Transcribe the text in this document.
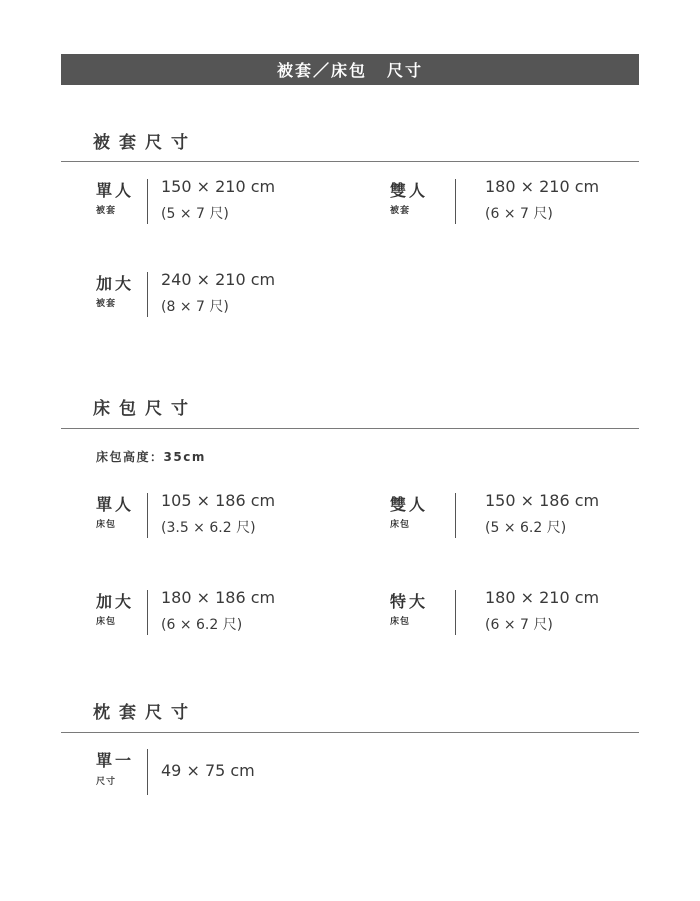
被套／床包 尺寸
被套尺寸
單人
被套
150 × 210 cm
(5 × 7 尺)
雙人
被套
180 × 210 cm
(6 × 7 尺)
加大
被套
240 × 210 cm
(8 × 7 尺)
床包尺寸
床包高度：35cm
單人
床包
105 × 186 cm
(3.5 × 6.2 尺)
雙人
床包
150 × 186 cm
(5 × 6.2 尺)
加大
床包
180 × 186 cm
(6 × 6.2 尺)
特大
床包
180 × 210 cm
(6 × 7 尺)
枕套尺寸
單一
尺寸
49 × 75 cm
